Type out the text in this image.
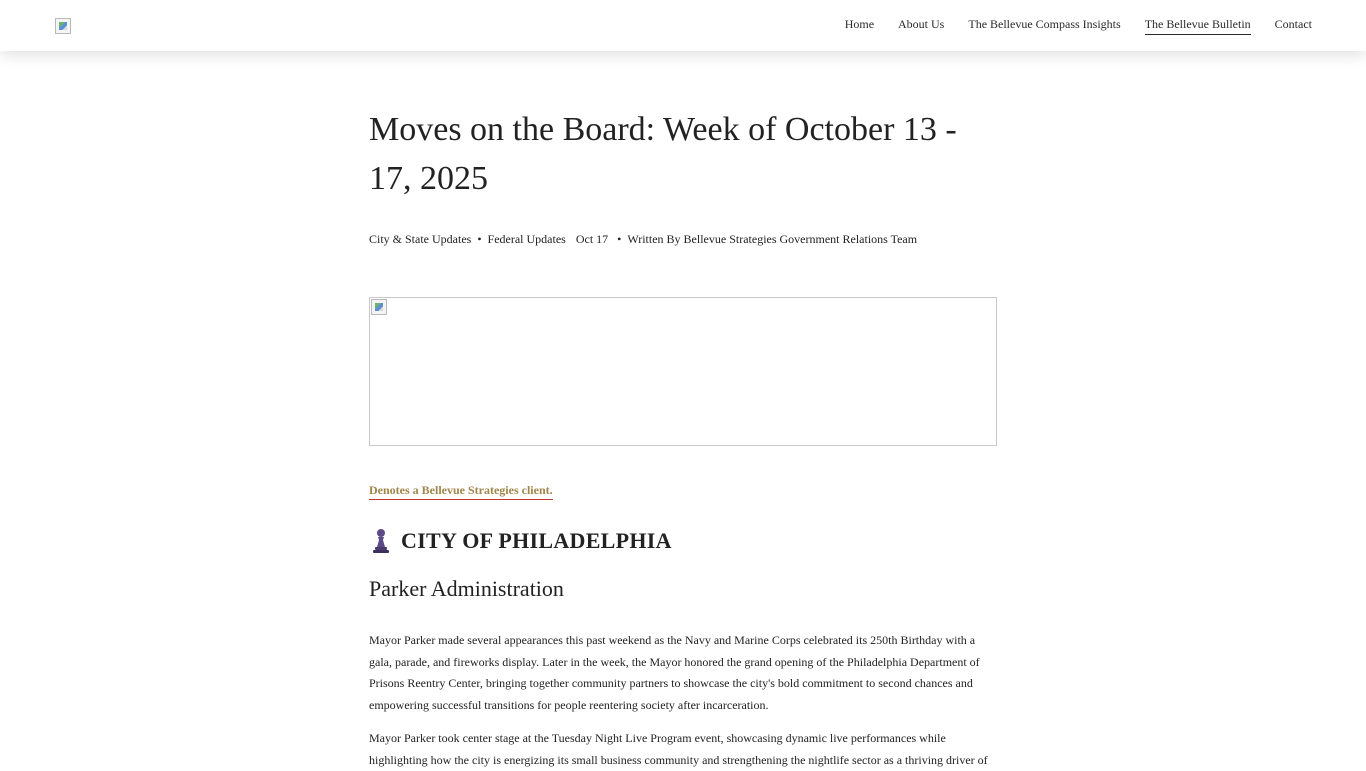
Home About Us The Bellevue Compass Insights The Bellevue Bulletin Contact
Moves on the Board: Week of October 13 - 17, 2025
City & State Updates • Federal Updates Oct 17 • Written By Bellevue Strategies Government Relations Team
Denotes a Bellevue Strategies client.
CITY OF PHILADELPHIA
Parker Administration

Mayor Parker made several appearances this past weekend as the Navy and Marine Corps celebrated its 250th Birthday with a gala, parade, and fireworks display. Later in the week, the Mayor honored the grand opening of the Philadelphia Department of Prisons Reentry Center, bringing together community partners to showcase the city's bold commitment to second chances and empowering successful transitions for people reentering society after incarceration.

Mayor Parker took center stage at the Tuesday Night Live Program event, showcasing dynamic live performances while highlighting how the city is energizing its small business community and strengthening the nightlife sector as a thriving driver of
